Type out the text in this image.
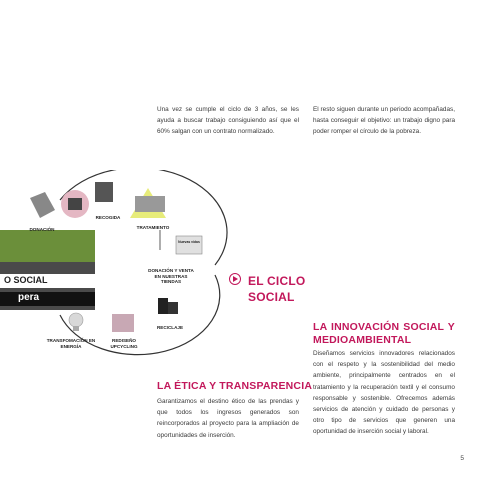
Una vez se cumple el ciclo de 3 años, se les ayuda a buscar trabajo consiguiendo así que el 60% salgan con un contrato normalizado.
El resto siguen durante un periodo acompañadas, hasta conseguir el objetivo: un trabajo digno para poder romper el círculo de la pobreza.
DONACIÓN
RECOGIDA
TRATAMIENTO
Nuevas vidas
DONACIÓN Y VENTA EN NUESTRAS TIENDAS
RECICLAJE
REDISEÑO UPCYCLING
TRANSFOMACIÓN EN ENERGÍA
O SOCIAL
pera
EL CICLO
SOCIAL
LA ÉTICA Y TRANSPARENCIA
Garantizamos el destino ético de las prendas y que todos los ingresos generados son reincorporados al proyecto para la ampliación de oportunidades de inserción.
LA INNOVACIÓN SOCIAL Y MEDIOAMBIENTAL
Diseñamos servicios innovadores relacionados con el respeto y la sostenibilidad del medio ambiente, principalmente centrados en el tratamiento y la recuperación textil y el consumo responsable y sostenible. Ofrecemos además servicios de atención y cuidado de personas y otro tipo de servicios que generen una oportunidad de inserción social y laboral.
5
